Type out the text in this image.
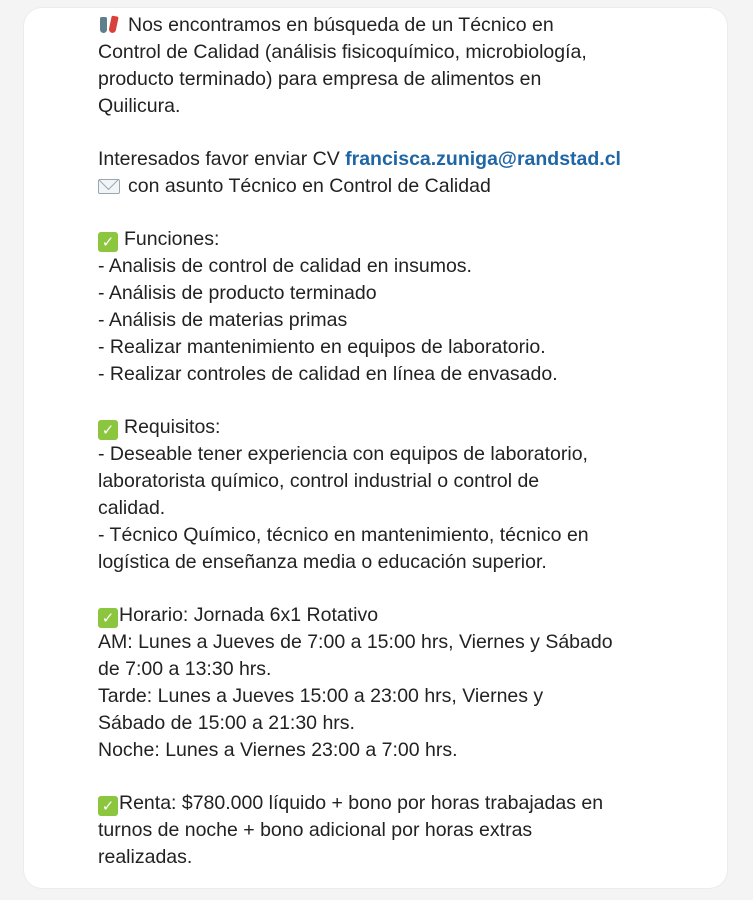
Nos encontramos en búsqueda de un Técnico en
Control de Calidad (análisis fisicoquímico, microbiología,
producto terminado) para empresa de alimentos en
Quilicura.
Interesados favor enviar CV francisca.zuniga@randstad.cl
con asunto Técnico en Control de Calidad
✓ Funciones:
- Analisis de control de calidad en insumos.
- Análisis de producto terminado
- Análisis de materias primas
- Realizar mantenimiento en equipos de laboratorio.
- Realizar controles de calidad en línea de envasado.
✓ Requisitos:
- Deseable tener experiencia con equipos de laboratorio,
laboratorista químico, control industrial o control de
calidad.
- Técnico Químico, técnico en mantenimiento, técnico en
logística de enseñanza media o educación superior.
✓ Horario: Jornada 6x1 Rotativo
AM: Lunes a Jueves de 7:00 a 15:00 hrs, Viernes y Sábado
de 7:00 a 13:30 hrs.
Tarde: Lunes a Jueves 15:00 a 23:00 hrs, Viernes y
Sábado de 15:00 a 21:30 hrs.
Noche: Lunes a Viernes 23:00 a 7:00 hrs.
✓ Renta: $780.000 líquido + bono por horas trabajadas en
turnos de noche + bono adicional por horas extras
realizadas.
